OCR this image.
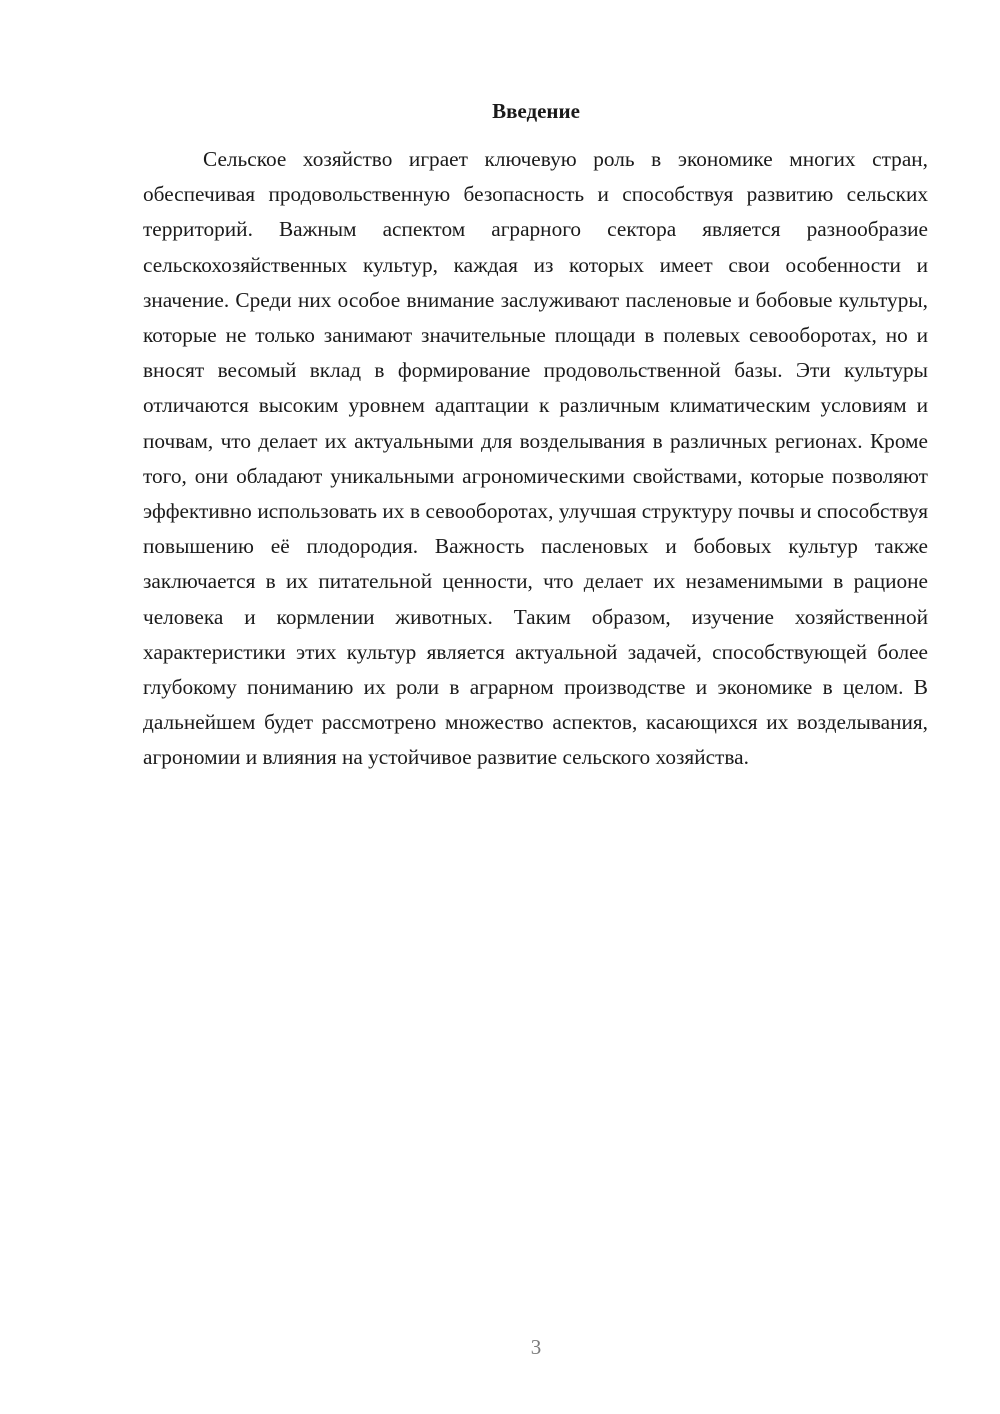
Введение

Сельское хозяйство играет ключевую роль в экономике многих стран, обеспечивая продовольственную безопасность и способствуя развитию сельских территорий. Важным аспектом аграрного сектора является разнообразие сельскохозяйственных культур, каждая из которых имеет свои особенности и значение. Среди них особое внимание заслуживают пасленовые и бобовые культуры, которые не только занимают значительные площади в полевых севооборотах, но и вносят весомый вклад в формирование продовольственной базы. Эти культуры отличаются высоким уровнем адаптации к различным климатическим условиям и почвам, что делает их актуальными для возделывания в различных регионах. Кроме того, они обладают уникальными агрономическими свойствами, которые позволяют эффективно использовать их в севооборотах, улучшая структуру почвы и способствуя повышению её плодородия. Важность пасленовых и бобовых культур также заключается в их питательной ценности, что делает их незаменимыми в рационе человека и кормлении животных. Таким образом, изучение хозяйственной характеристики этих культур является актуальной задачей, способствующей более глубокому пониманию их роли в аграрном производстве и экономике в целом. В дальнейшем будет рассмотрено множество аспектов, касающихся их возделывания, агрономии и влияния на устойчивое развитие сельского хозяйства.

3
